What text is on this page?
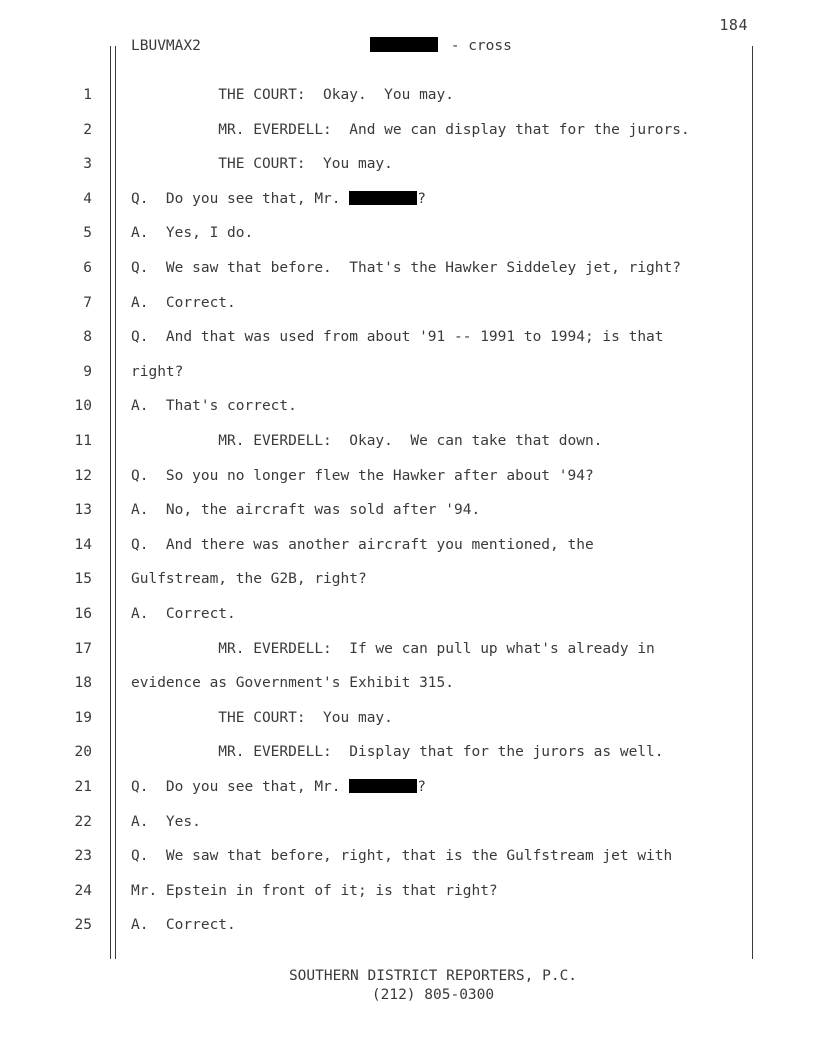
184
LBUVMAX2	- cross
1	THE COURT:  Okay.  You may.
2	MR. EVERDELL:  And we can display that for the jurors.
3	THE COURT:  You may.
4	Q.  Do you see that, Mr.	?
5	A.  Yes, I do.
6	Q.  We saw that before.  That's the Hawker Siddeley jet, right?
7	A.  Correct.
8	Q.  And that was used from about '91 -- 1991 to 1994; is that
9	right?
10	A.  That's correct.
11	MR. EVERDELL:  Okay.  We can take that down.
12	Q.  So you no longer flew the Hawker after about '94?
13	A.  No, the aircraft was sold after '94.
14	Q.  And there was another aircraft you mentioned, the
15	Gulfstream, the G2B, right?
16	A.  Correct.
17	MR. EVERDELL:  If we can pull up what's already in
18	evidence as Government's Exhibit 315.
19	THE COURT:  You may.
20	MR. EVERDELL:  Display that for the jurors as well.
21	Q.  Do you see that, Mr.	?
22	A.  Yes.
23	Q.  We saw that before, right, that is the Gulfstream jet with
24	Mr. Epstein in front of it; is that right?
25	A.  Correct.
SOUTHERN DISTRICT REPORTERS, P.C.
(212) 805-0300
